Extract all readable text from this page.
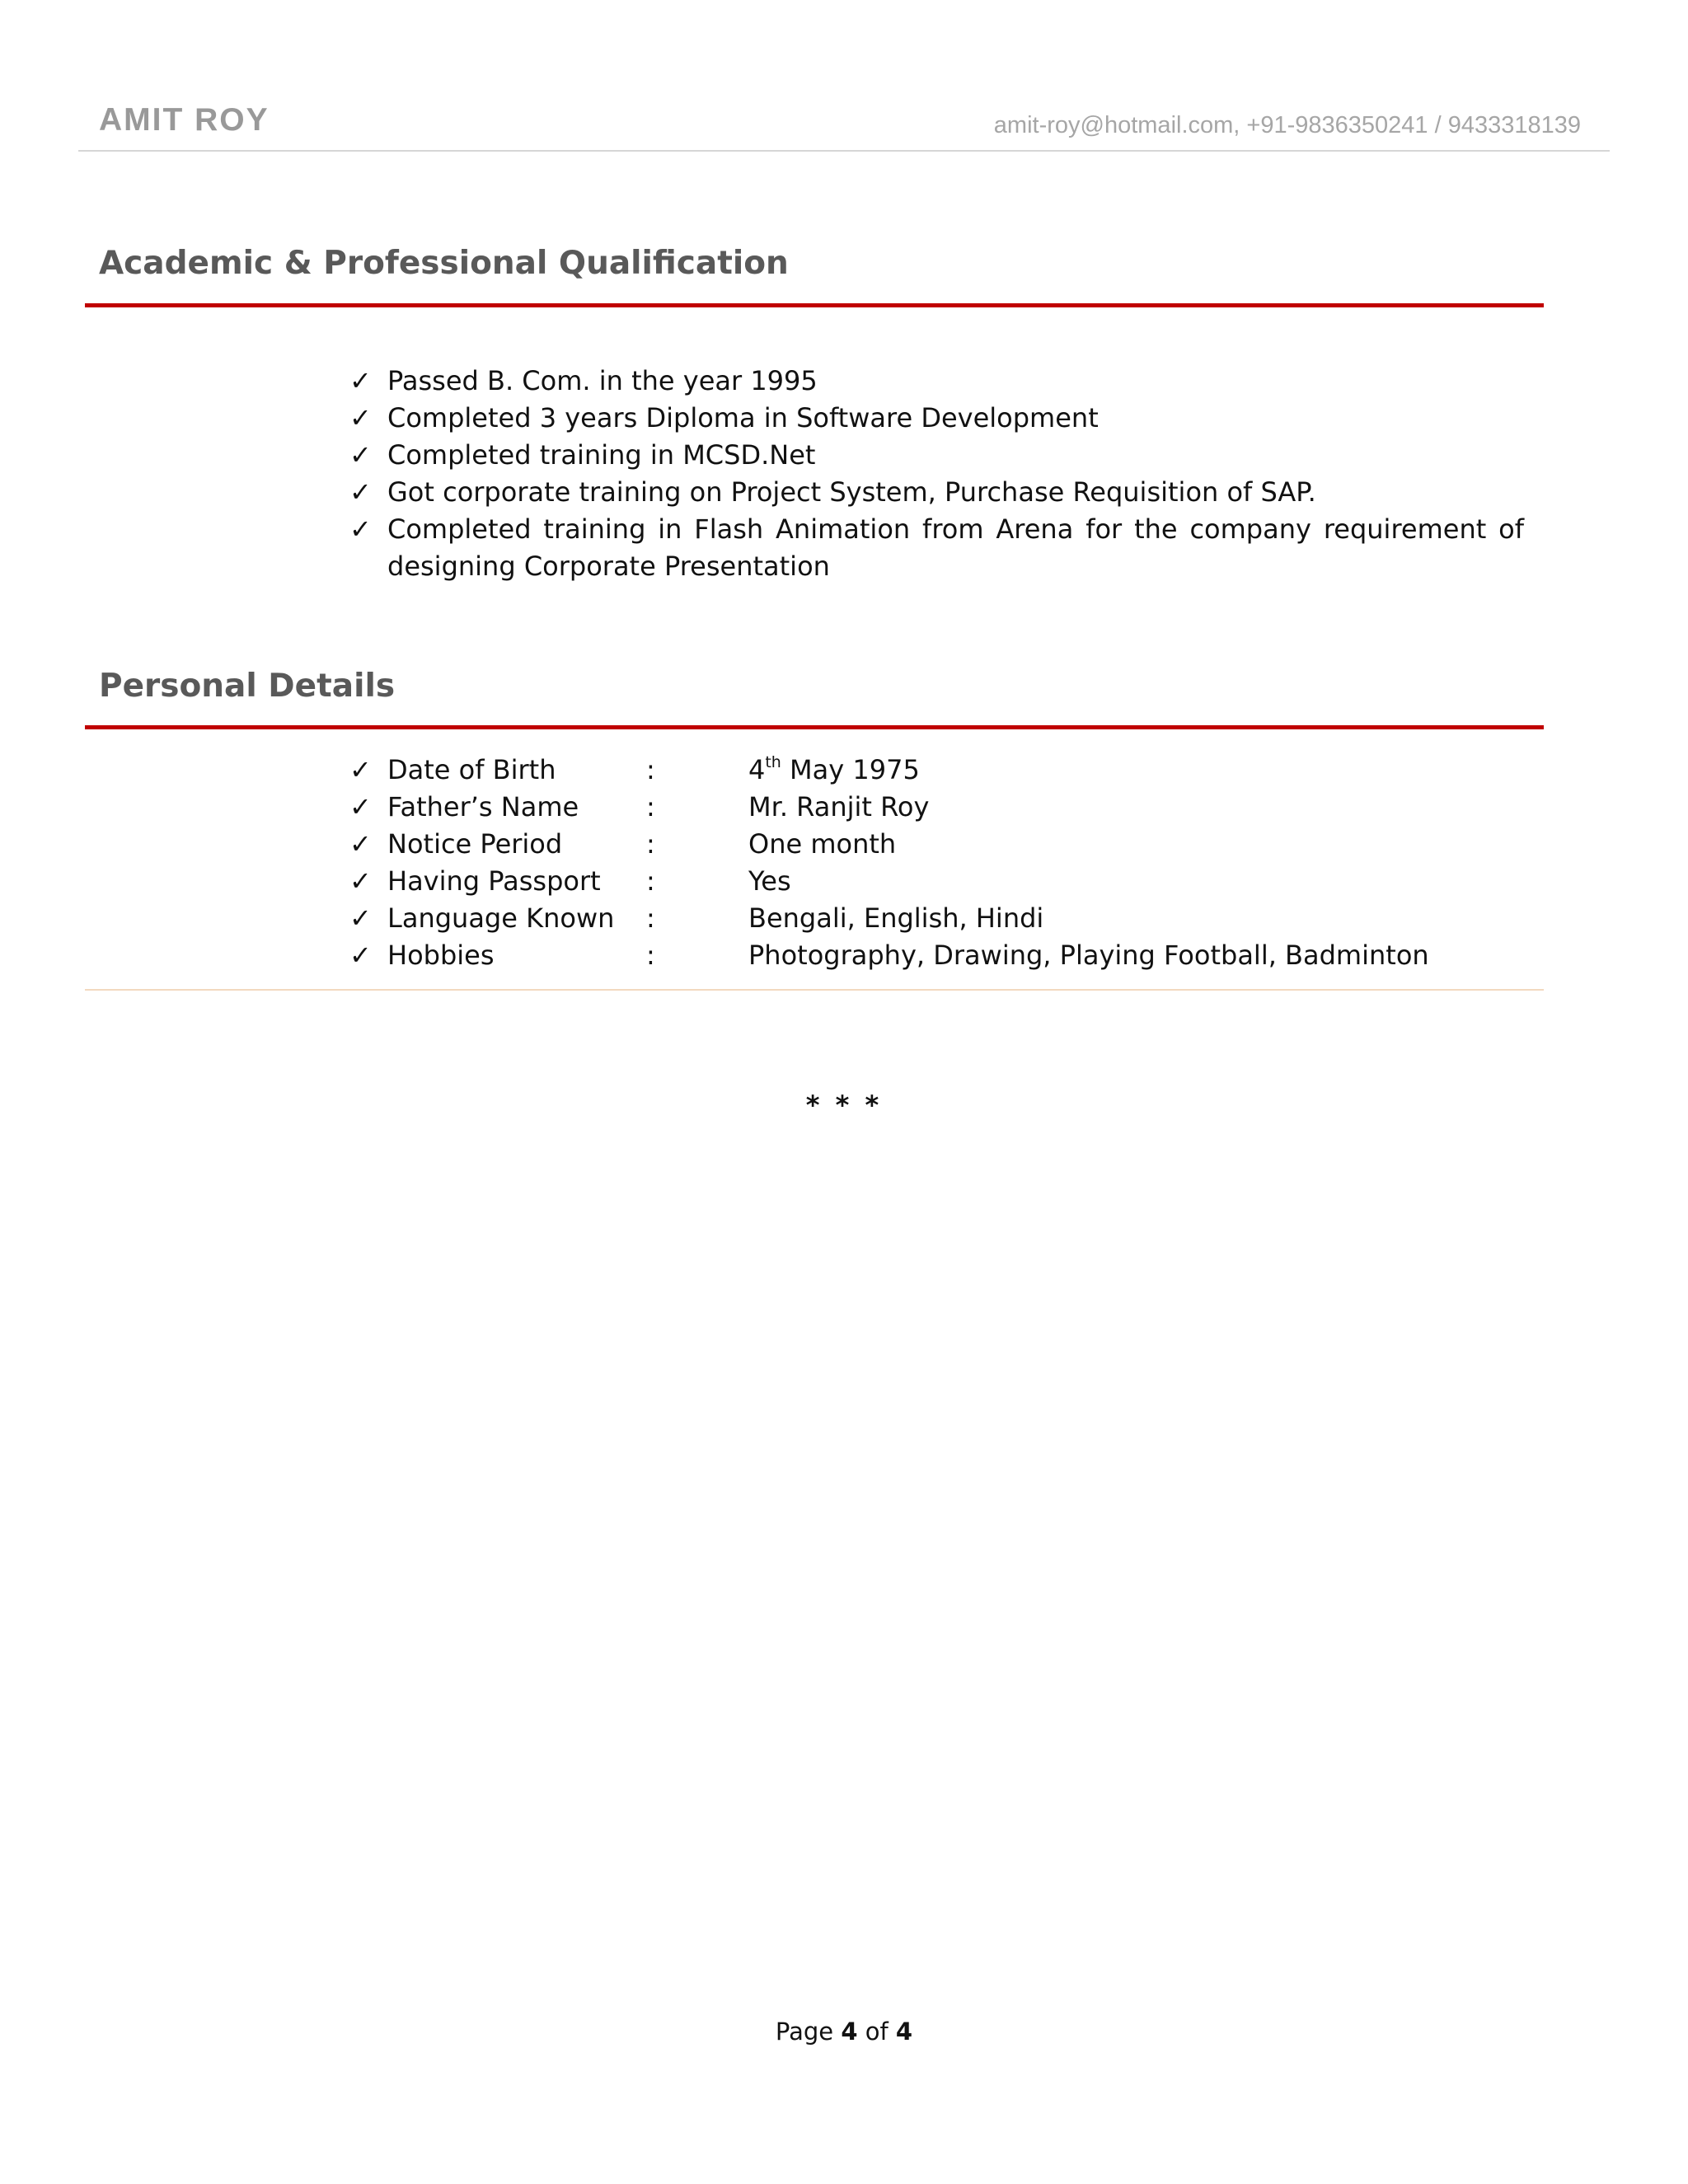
AMIT ROY	amit-roy@hotmail.com, +91-9836350241 / 9433318139
Academic & Professional Qualification
✓ Passed B. Com. in the year 1995
✓ Completed 3 years Diploma in Software Development
✓ Completed training in MCSD.Net
✓ Got corporate training on Project System, Purchase Requisition of SAP.
✓ Completed training in Flash Animation from Arena for the company requirement of designing Corporate Presentation
Personal Details
✓ Date of Birth	:	4th May 1975
✓ Father’s Name	:	Mr. Ranjit Roy
✓ Notice Period	:	One month
✓ Having Passport :	Yes
✓ Language Known :	Bengali, English, Hindi
✓ Hobbies	:	Photography, Drawing, Playing Football, Badminton
* * *
Page 4 of 4
